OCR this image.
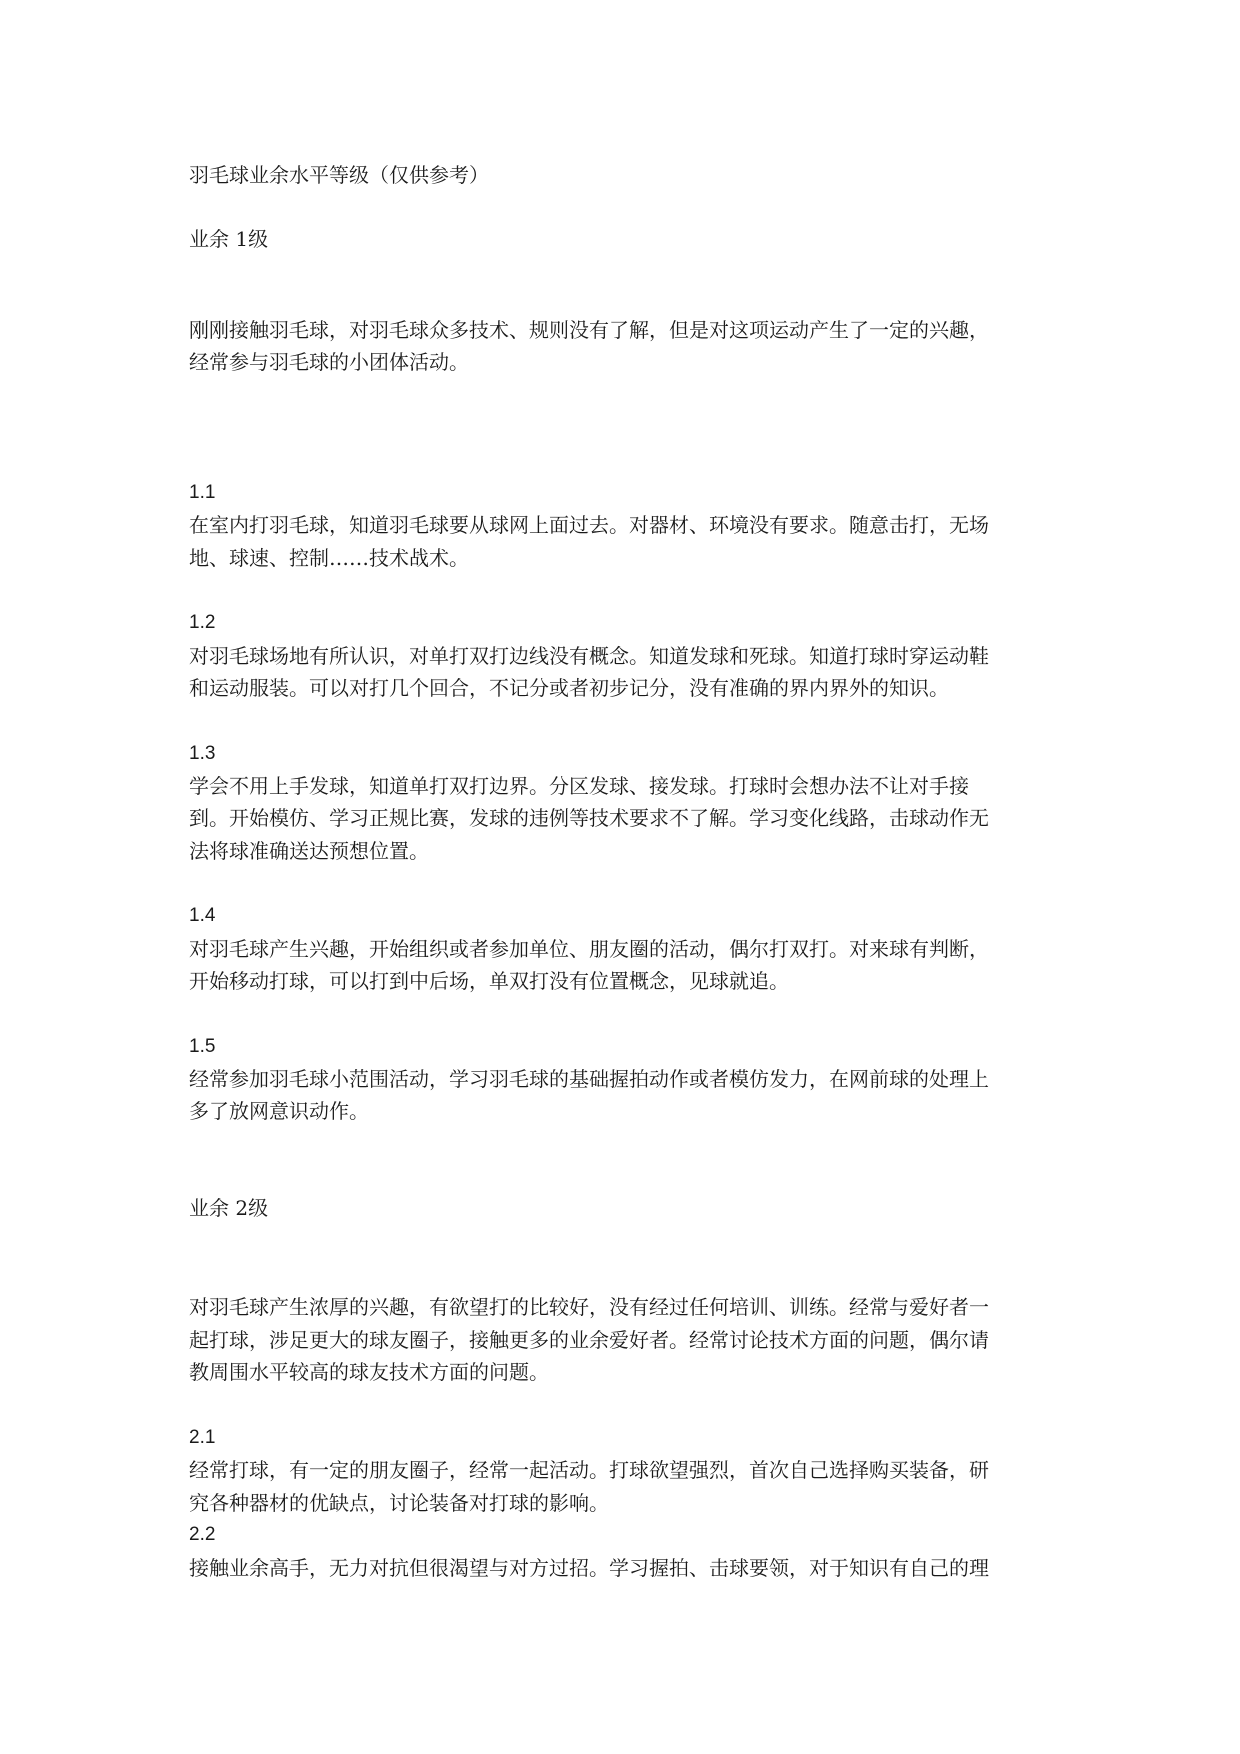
羽毛球业余水平等级（仅供参考）
业余 1级
刚刚接触羽毛球，对羽毛球众多技术、规则没有了解，但是对这项运动产生了一定的兴趣，
经常参与羽毛球的小团体活动。
1.1
在室内打羽毛球，知道羽毛球要从球网上面过去。对器材、环境没有要求。随意击打，无场
地、球速、控制……技术战术。
1.2
对羽毛球场地有所认识，对单打双打边线没有概念。知道发球和死球。知道打球时穿运动鞋
和运动服装。可以对打几个回合，不记分或者初步记分，没有准确的界内界外的知识。
1.3
学会不用上手发球，知道单打双打边界。分区发球、接发球。打球时会想办法不让对手接
到。开始模仿、学习正规比赛，发球的违例等技术要求不了解。学习变化线路，击球动作无
法将球准确送达预想位置。
1.4
对羽毛球产生兴趣，开始组织或者参加单位、朋友圈的活动，偶尔打双打。对来球有判断，
开始移动打球，可以打到中后场，单双打没有位置概念，见球就追。
1.5
经常参加羽毛球小范围活动，学习羽毛球的基础握拍动作或者模仿发力，在网前球的处理上
多了放网意识动作。
业余 2级
对羽毛球产生浓厚的兴趣，有欲望打的比较好，没有经过任何培训、训练。经常与爱好者一
起打球，涉足更大的球友圈子，接触更多的业余爱好者。经常讨论技术方面的问题，偶尔请
教周围水平较高的球友技术方面的问题。
2.1
经常打球，有一定的朋友圈子，经常一起活动。打球欲望强烈，首次自己选择购买装备，研
究各种器材的优缺点，讨论装备对打球的影响。
2.2
接触业余高手，无力对抗但很渴望与对方过招。学习握拍、击球要领，对于知识有自己的理
